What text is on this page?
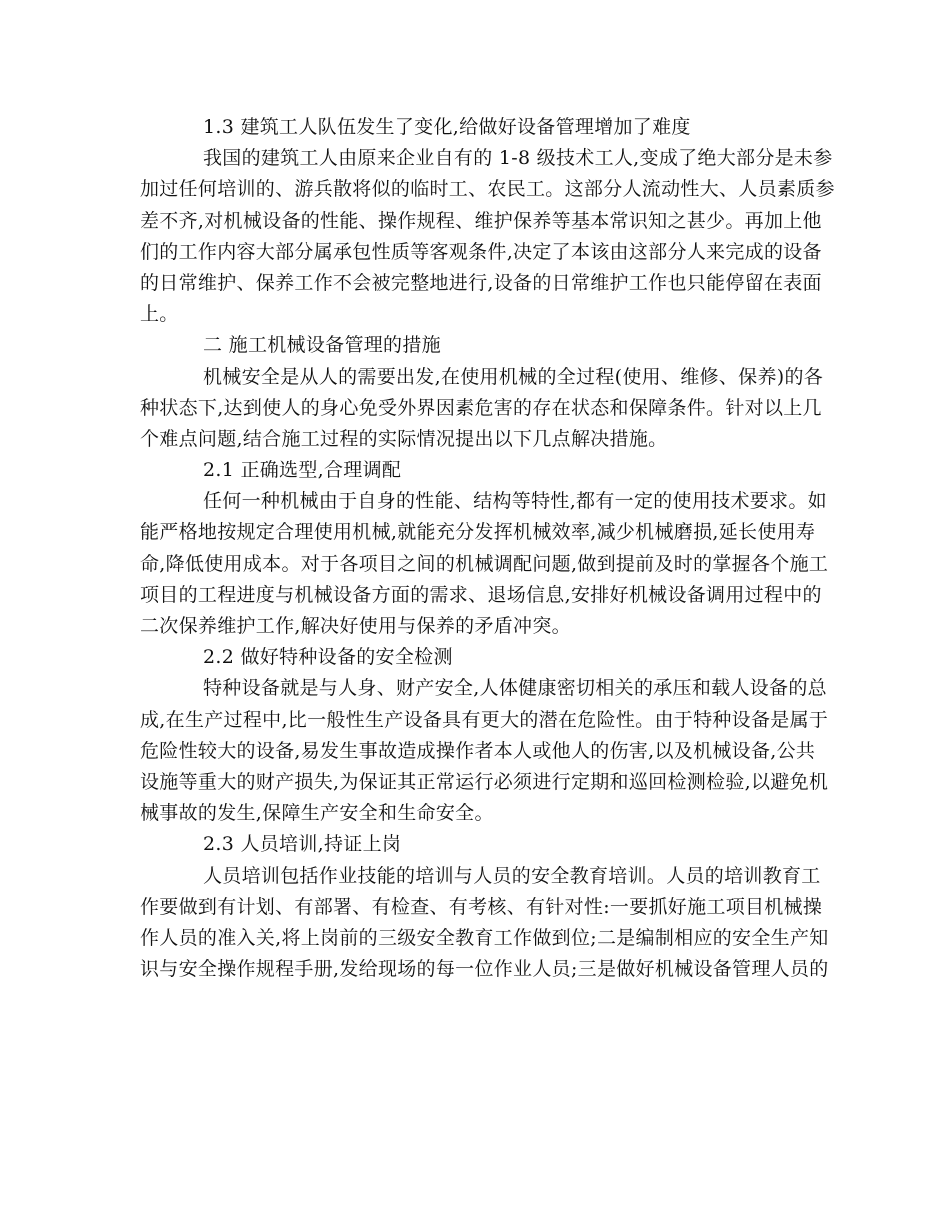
1.3 建筑工人队伍发生了变化,给做好设备管理增加了难度
我国的建筑工人由原来企业自有的 1-8 级技术工人,变成了绝大部分是未参
加过任何培训的、游兵散将似的临时工、农民工。这部分人流动性大、人员素质参
差不齐,对机械设备的性能、操作规程、维护保养等基本常识知之甚少。再加上他
们的工作内容大部分属承包性质等客观条件,决定了本该由这部分人来完成的设备
的日常维护、保养工作不会被完整地进行,设备的日常维护工作也只能停留在表面
上。
二 施工机械设备管理的措施
机械安全是从人的需要出发,在使用机械的全过程(使用、维修、保养)的各
种状态下,达到使人的身心免受外界因素危害的存在状态和保障条件。针对以上几
个难点问题,结合施工过程的实际情况提出以下几点解决措施。
2.1 正确选型,合理调配
任何一种机械由于自身的性能、结构等特性,都有一定的使用技术要求。如
能严格地按规定合理使用机械,就能充分发挥机械效率,减少机械磨损,延长使用寿
命,降低使用成本。对于各项目之间的机械调配问题,做到提前及时的掌握各个施工
项目的工程进度与机械设备方面的需求、退场信息,安排好机械设备调用过程中的
二次保养维护工作,解决好使用与保养的矛盾冲突。
2.2 做好特种设备的安全检测
特种设备就是与人身、财产安全,人体健康密切相关的承压和载人设备的总
成,在生产过程中,比一般性生产设备具有更大的潜在危险性。由于特种设备是属于
危险性较大的设备,易发生事故造成操作者本人或他人的伤害,以及机械设备,公共
设施等重大的财产损失,为保证其正常运行必须进行定期和巡回检测检验,以避免机
械事故的发生,保障生产安全和生命安全。
2.3 人员培训,持证上岗
人员培训包括作业技能的培训与人员的安全教育培训。人员的培训教育工
作要做到有计划、有部署、有检查、有考核、有针对性:一要抓好施工项目机械操
作人员的准入关,将上岗前的三级安全教育工作做到位;二是编制相应的安全生产知
识与安全操作规程手册,发给现场的每一位作业人员;三是做好机械设备管理人员的
